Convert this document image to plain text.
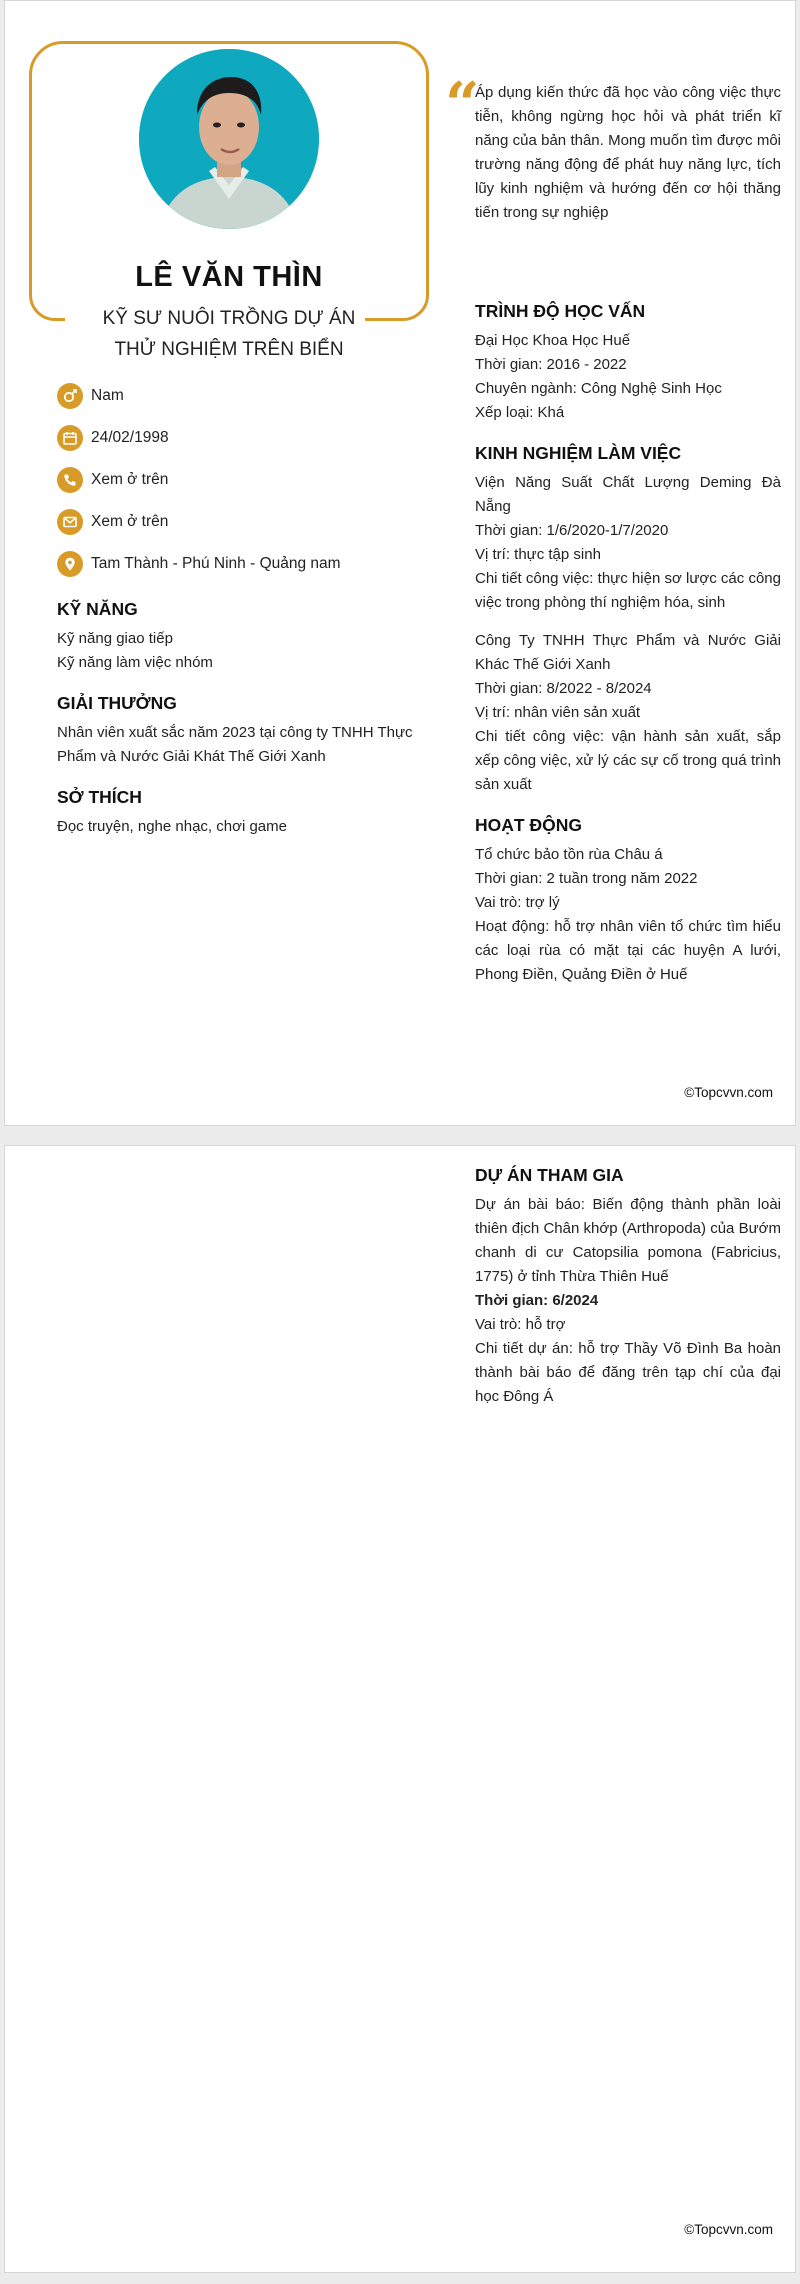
LÊ VĂN THÌN
KỸ SƯ NUÔI TRỒNG DỰ ÁN
THỬ NGHIỆM TRÊN BIỂN
Nam
24/02/1998
Xem ở trên
Xem ở trên
Tam Thành - Phú Ninh - Quảng nam
KỸ NĂNG
Kỹ năng giao tiếp
Kỹ năng làm việc nhóm
GIẢI THƯỞNG
Nhân viên xuất sắc năm 2023 tại công ty TNHH Thực Phẩm và Nước Giải Khát Thế Giới Xanh
SỞ THÍCH
Đọc truyện, nghe nhạc, chơi game
“
Áp dụng kiến thức đã học vào công việc thực tiễn, không ngừng học hỏi và phát triển kĩ năng của bản thân. Mong muốn tìm được môi trường năng động để phát huy năng lực, tích lũy kinh nghiệm và hướng đến cơ hội thăng tiến trong sự nghiệp
TRÌNH ĐỘ HỌC VẤN
Đại Học Khoa Học Huế
Thời gian: 2016 - 2022
Chuyên ngành: Công Nghệ Sinh Học
Xếp loại: Khá
KINH NGHIỆM LÀM VIỆC
Viện Năng Suất Chất Lượng Deming Đà Nẵng
Thời gian: 1/6/2020-1/7/2020
Vị trí: thực tập sinh
Chi tiết công việc: thực hiện sơ lược các công việc trong phòng thí nghiệm hóa, sinh
Công Ty TNHH Thực Phẩm và Nước Giải Khác Thế Giới Xanh
Thời gian: 8/2022 - 8/2024
Vị trí: nhân viên sản xuất
Chi tiết công việc: vận hành sản xuất, sắp xếp công việc, xử lý các sự cố trong quá trình sản xuất
HOẠT ĐỘNG
Tổ chức bảo tồn rùa Châu á
Thời gian: 2 tuần trong năm 2022
Vai trò: trợ lý
Hoạt động: hỗ trợ nhân viên tổ chức tìm hiểu các loại rùa có mặt tại các huyện A lưới, Phong Điền, Quảng Điền ở Huế
©Topcvvn.com
DỰ ÁN THAM GIA
Dự án bài báo: Biến động thành phần loài thiên địch Chân khớp (Arthropoda) của Bướm chanh di cư Catopsilia pomona (Fabricius, 1775) ở tỉnh Thừa Thiên Huế
Thời gian: 6/2024
Vai trò: hỗ trợ
Chi tiết dự án: hỗ trợ Thầy Võ Đình Ba hoàn thành bài báo để đăng trên tạp chí của đại học Đông Á
©Topcvvn.com
